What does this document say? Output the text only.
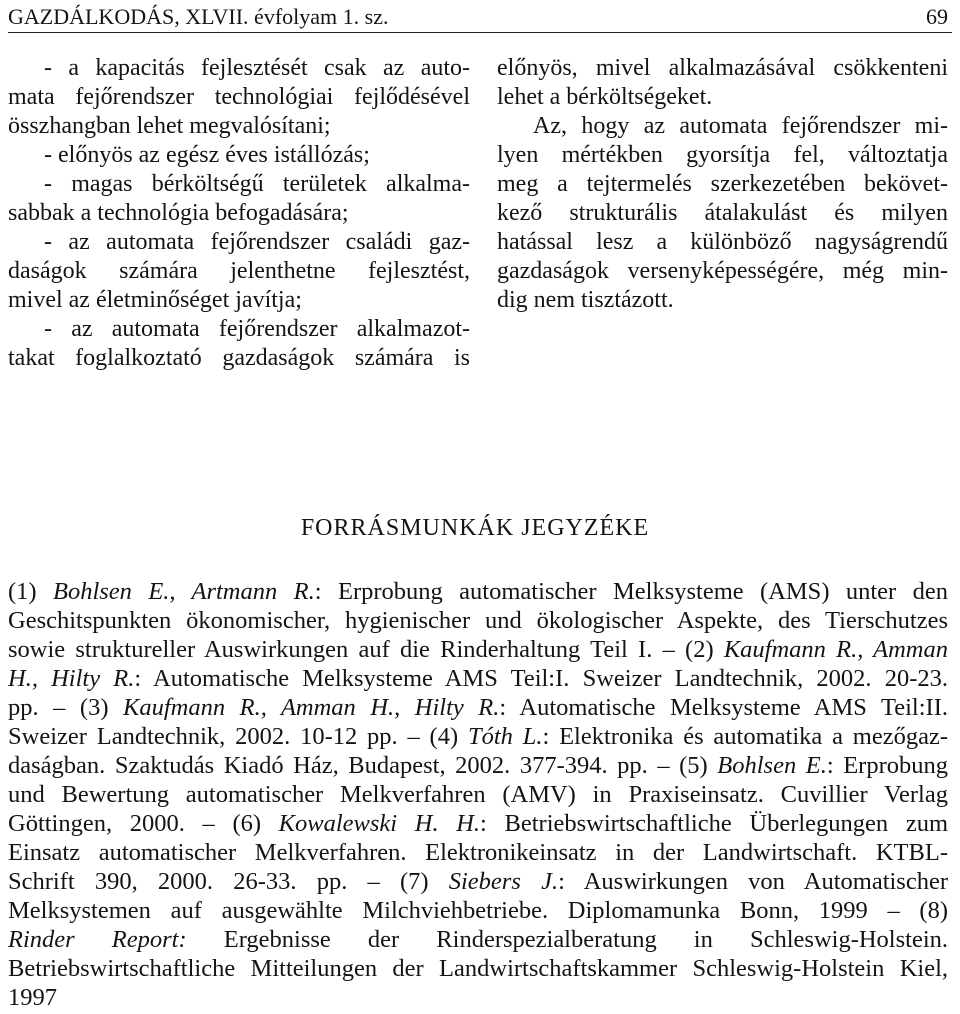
GAZDÁLKODÁS, XLVII. évfolyam 1. sz.	69
- a kapacitás fejlesztését csak az auto-
mata fejőrendszer technológiai fejlődésével
összhangban lehet megvalósítani;
- előnyös az egész éves istállózás;
- magas bérköltségű területek alkalma-
sabbak a technológia befogadására;
- az automata fejőrendszer családi gaz-
daságok számára jelenthetne fejlesztést,
mivel az életminőséget javítja;
- az automata fejőrendszer alkalmazot-
takat foglalkoztató gazdaságok számára is
előnyös, mivel alkalmazásával csökkenteni
lehet a bérköltségeket.
Az, hogy az automata fejőrendszer mi-
lyen mértékben gyorsítja fel, változtatja
meg a tejtermelés szerkezetében bekövet-
kező strukturális átalakulást és milyen
hatással lesz a különböző nagyságrendű
gazdaságok versenyképességére, még min-
dig nem tisztázott.
FORRÁSMUNKÁK JEGYZÉKE
(1) Bohlsen E., Artmann R.: Erprobung automatischer Melksysteme (AMS) unter den
Geschitspunkten ökonomischer, hygienischer und ökologischer Aspekte, des Tierschutzes
sowie struktureller Auswirkungen auf die Rinderhaltung Teil I. – (2) Kaufmann R., Amman
H., Hilty R.: Automatische Melksysteme AMS Teil:I. Sweizer Landtechnik, 2002. 20-23.
pp. – (3) Kaufmann R., Amman H., Hilty R.: Automatische Melksysteme AMS Teil:II.
Sweizer Landtechnik, 2002. 10-12 pp. – (4) Tóth L.: Elektronika és automatika a mezőgaz-
daságban. Szaktudás Kiadó Ház, Budapest, 2002. 377-394. pp. – (5) Bohlsen E.: Erprobung
und Bewertung automatischer Melkverfahren (AMV) in Praxiseinsatz. Cuvillier Verlag
Göttingen, 2000. – (6) Kowalewski H. H.: Betriebswirtschaftliche Überlegungen zum
Einsatz automatischer Melkverfahren. Elektronikeinsatz in der Landwirtschaft. KTBL-
Schrift 390, 2000. 26-33. pp. – (7) Siebers J.: Auswirkungen von Automatischer
Melksystemen auf ausgewählte Milchviehbetriebe. Diplomamunka Bonn, 1999 – (8)
Rinder Report: Ergebnisse der Rinderspezialberatung in Schleswig-Holstein.
Betriebswirtschaftliche Mitteilungen der Landwirtschaftskammer Schleswig-Holstein Kiel,
1997
